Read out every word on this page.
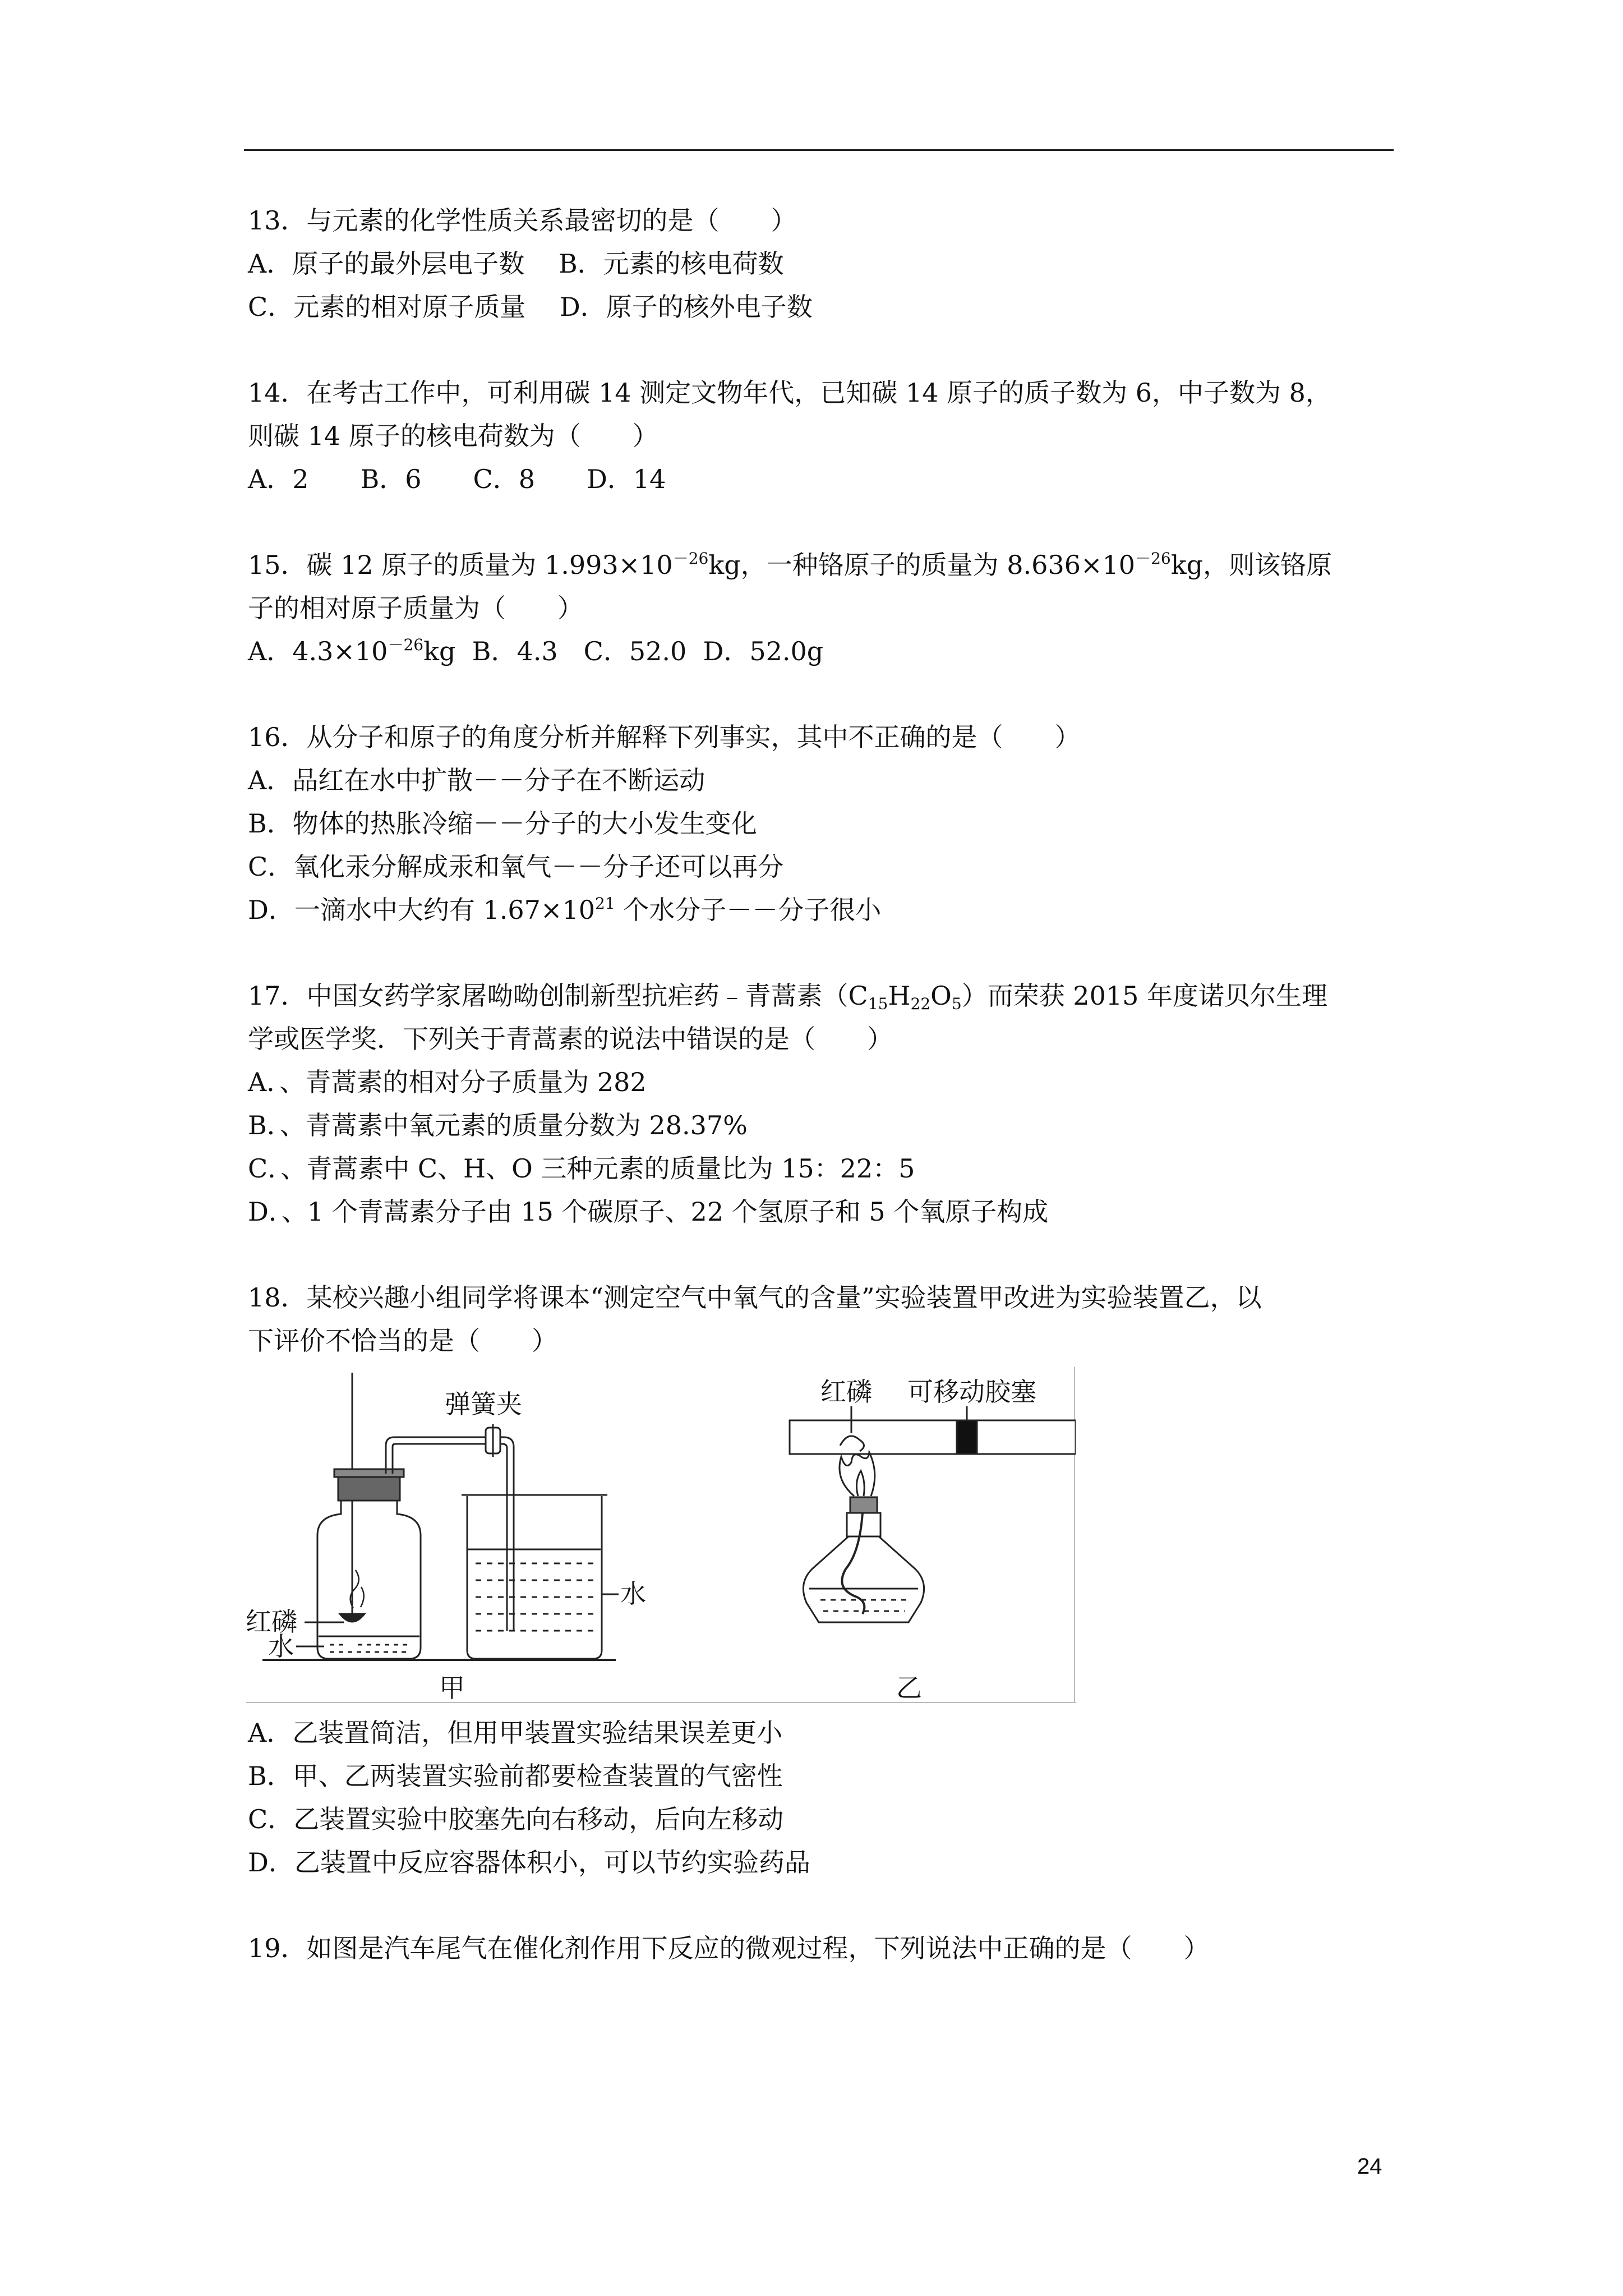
13．与元素的化学性质关系最密切的是（　　）
A．原子的最外层电子数　 B．元素的核电荷数
C．元素的相对原子质量　 D．原子的核外电子数
14．在考古工作中，可利用碳 14 测定文物年代，已知碳 14 原子的质子数为 6，中子数为 8，
则碳 14 原子的核电荷数为（　　）
A．2　　B．6　　C．8　　D．14
15．碳 12 原子的质量为 $1.993\times 10^{-26}kg$，一种铬原子的质量为 $8.636\times 10^{-26}kg$，则该铬原
子的相对原子质量为（　　）
A．$4.3\times 10^{-26}kg$  B．4.3　C．52.0  D．52.0g
16．从分子和原子的角度分析并解释下列事实，其中不正确的是（　　）
A．品红在水中扩散－－分子在不断运动
B．物体的热胀冷缩－－分子的大小发生变化
C．氧化汞分解成汞和氧气－－分子还可以再分
D．一滴水中大约有 $1.67\times 10^{21}$ 个水分子－－分子很小
17．中国女药学家屠呦呦创制新型抗疟药﹣青蒿素$(C_{15}H_{22}O_5)$而荣获 2015 年度诺贝尔生理
学或医学奖．下列关于青蒿素的说法中错误的是（　　）
A．、青蒿素的相对分子质量为 282
B．、青蒿素中氧元素的质量分数为 28.37%
C．、青蒿素中 C、H、O 三种元素的质量比为 15：22：5
D．、1 个青蒿素分子由 15 个碳原子、22 个氢原子和 5 个氧原子构成
18．某校兴趣小组同学将课本“测定空气中氧气的含量”实验装置甲改进为实验装置乙，以
下评价不恰当的是（　　）
弹簧夹
红磷
水
水
甲
红磷 可移动胶塞
乙
A．乙装置简洁，但用甲装置实验结果误差更小
B．甲、乙两装置实验前都要检查装置的气密性
C．乙装置实验中胶塞先向右移动，后向左移动
D．乙装置中反应容器体积小，可以节约实验药品
19．如图是汽车尾气在催化剂作用下反应的微观过程，下列说法中正确的是（　　）
24
